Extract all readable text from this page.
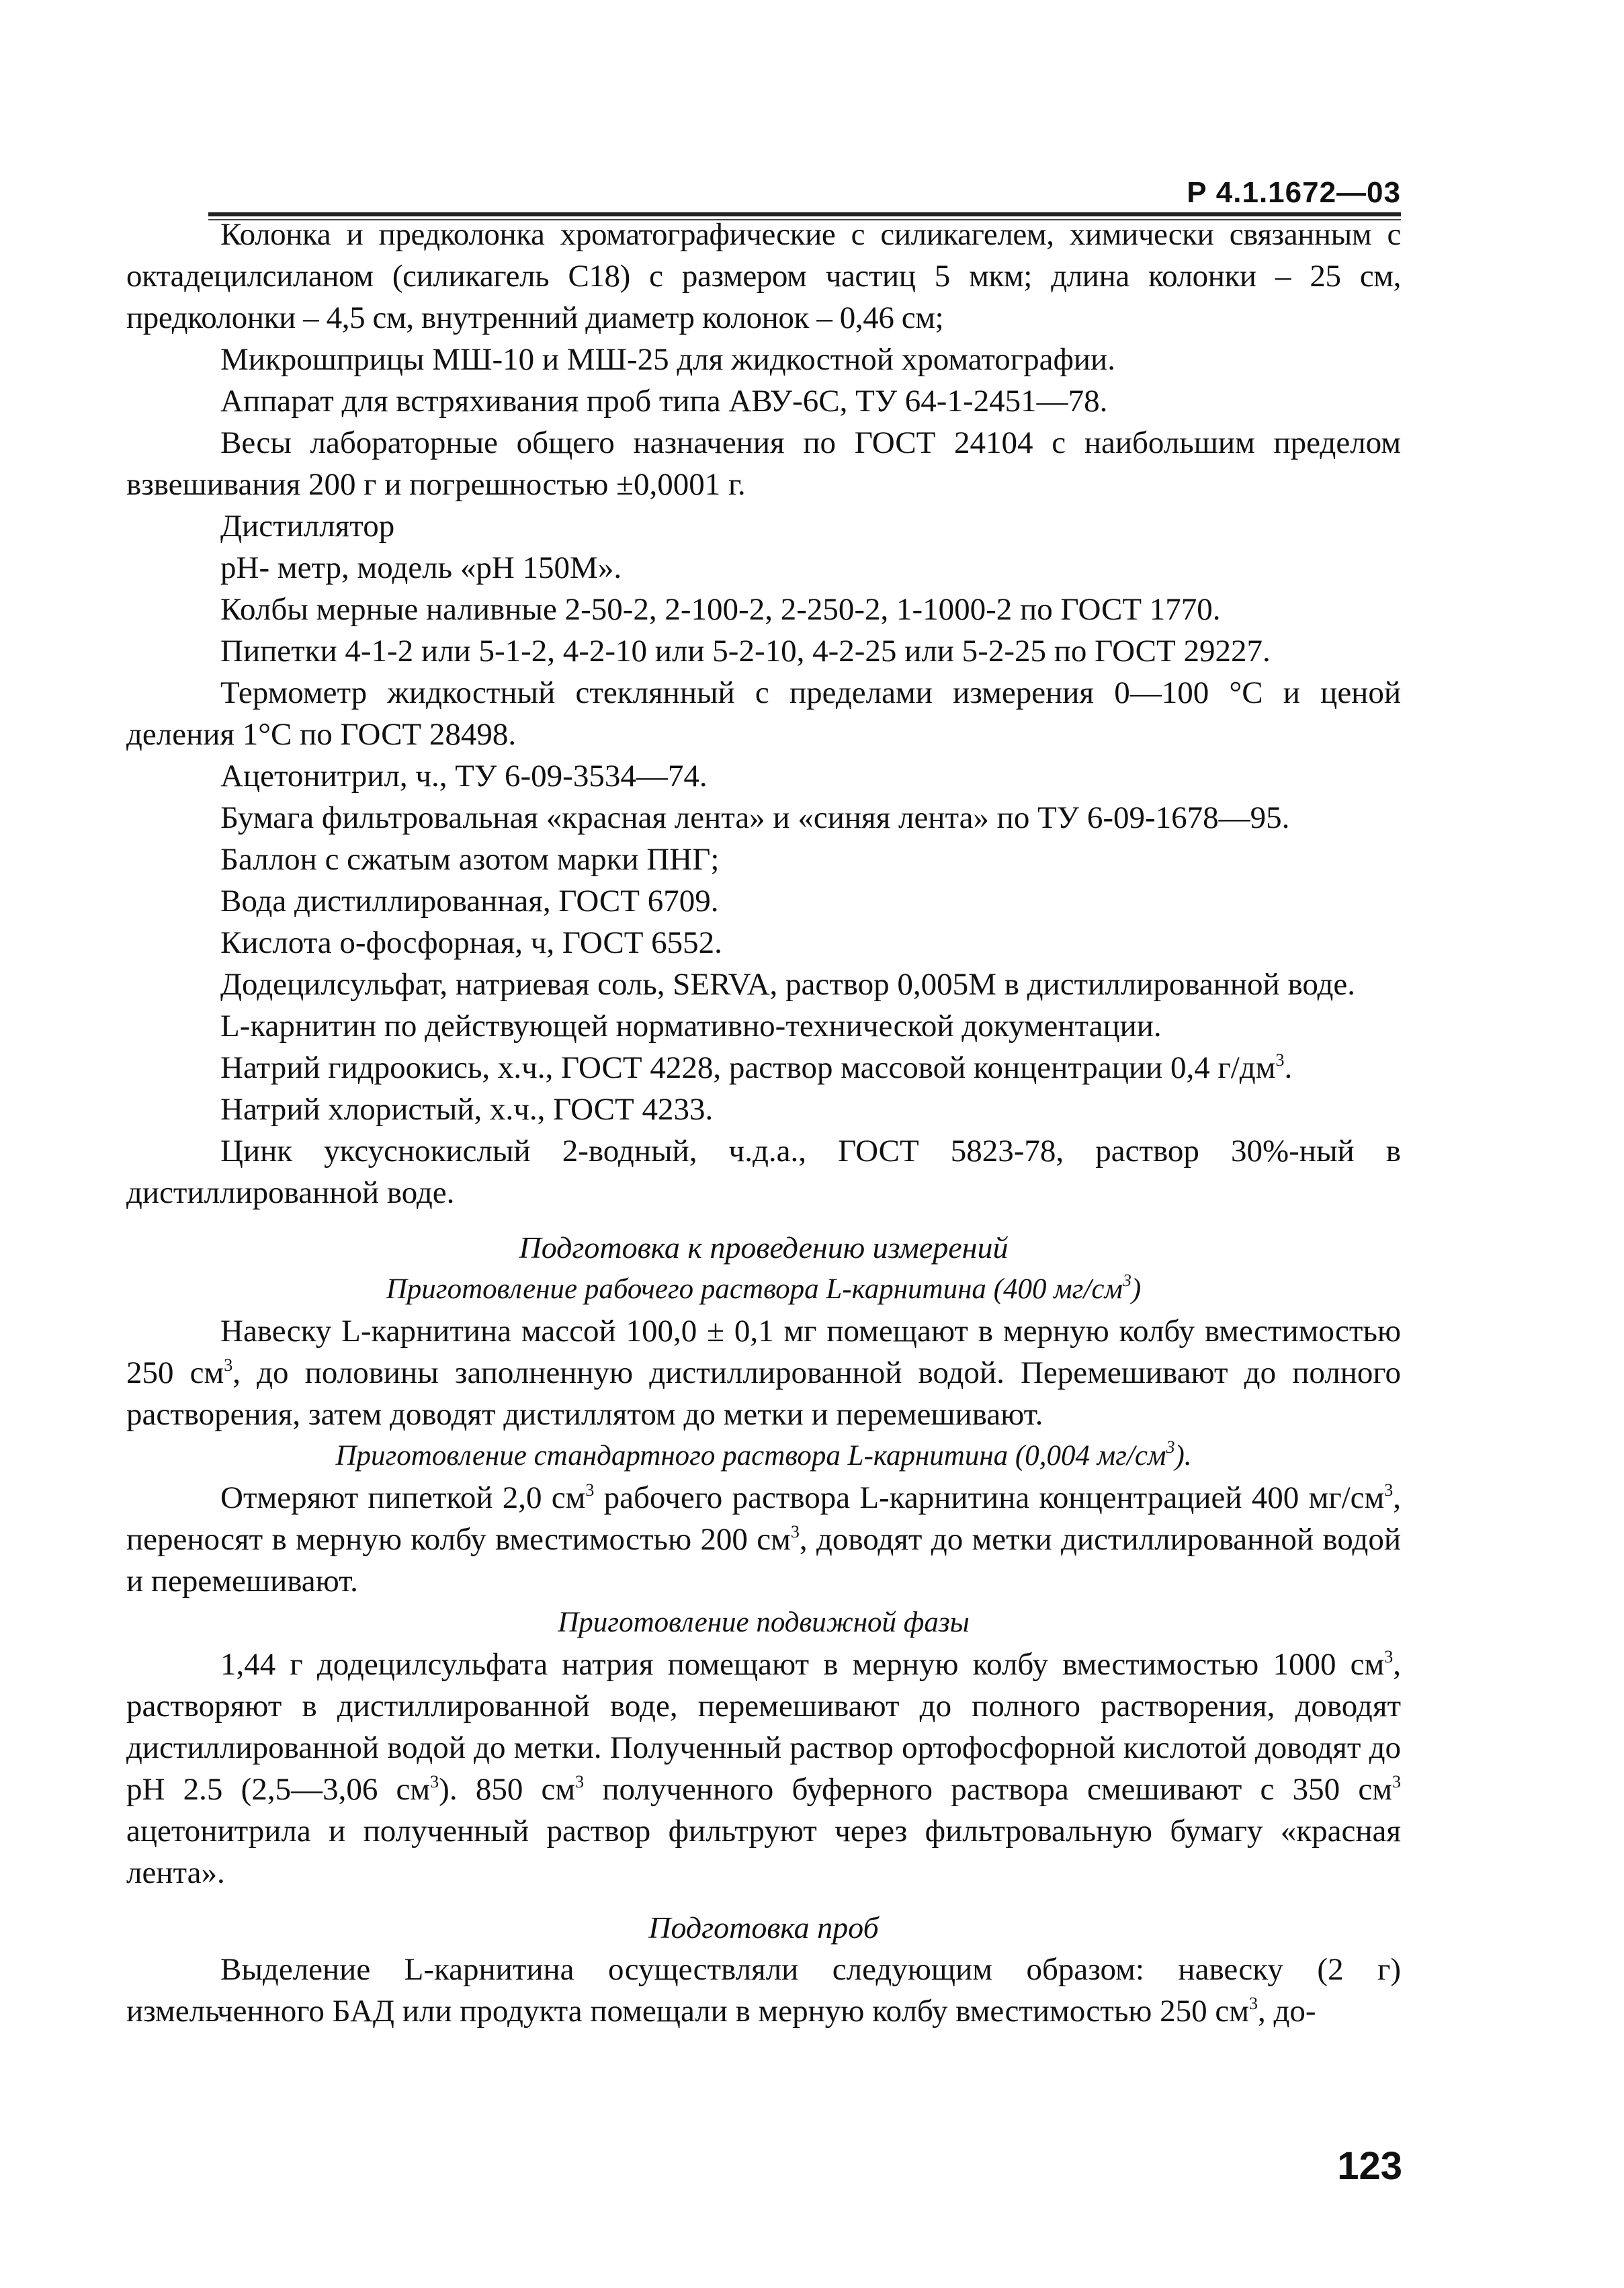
Р 4.1.1672—03

Колонка и предколонка хроматографические с силикагелем, химически связанным с октадецилсиланом (силикагель C18) с размером частиц 5 мкм; длина колонки – 25 см, предколонки – 4,5 см, внутренний диаметр колонок – 0,46 см;

Микрошприцы МШ-10 и МШ-25 для жидкостной хроматографии.

Аппарат для встряхивания проб типа АВУ-6С, ТУ 64-1-2451—78.

Весы лабораторные общего назначения по ГОСТ 24104 с наибольшим пределом взвешивания 200 г и погрешностью ±0,0001 г.

Дистиллятор

рН- метр, модель «рН 150М».

Колбы мерные наливные 2-50-2, 2-100-2, 2-250-2, 1-1000-2 по ГОСТ 1770.

Пипетки 4-1-2 или 5-1-2, 4-2-10 или 5-2-10, 4-2-25 или 5-2-25 по ГОСТ 29227.

Термометр жидкостный стеклянный с пределами измерения 0—100 °С и ценой деления 1°С по ГОСТ 28498.

Ацетонитрил, ч., ТУ 6-09-3534—74.

Бумага фильтровальная «красная лента» и «синяя лента» по ТУ 6-09-1678—95.

Баллон с сжатым азотом марки ПНГ;

Вода дистиллированная, ГОСТ 6709.

Кислота о-фосфорная, ч, ГОСТ 6552.

Додецилсульфат, натриевая соль, SERVA, раствор 0,005М в дистиллированной воде.

L-карнитин по действующей нормативно-технической документации.

Натрий гидроокись, х.ч., ГОСТ 4228, раствор массовой концентрации 0,4 $г/дм^3$.

Натрий хлористый, х.ч., ГОСТ 4233.

Цинк уксуснокислый 2-водный, ч.д.а., ГОСТ 5823-78, раствор 30%-ный в дистиллированной воде.

Подготовка к проведению измерений

Приготовление рабочего раствора L-карнитина (400 $мг/см^3$)

Навеску L-карнитина массой 100,0 ± 0,1 мг помещают в мерную колбу вместимостью 250 $см^3$, до половины заполненную дистиллированной водой. Перемешивают до полного растворения, затем доводят дистиллятом до метки и перемешивают.

Приготовление стандартного раствора L-карнитина (0,004 $мг/см^3$).

Отмеряют пипеткой 2,0 $см^3$ рабочего раствора L-карнитина концентрацией 400 $мг/см^3$, переносят в мерную колбу вместимостью 200 $см^3$, доводят до метки дистиллированной водой и перемешивают.

Приготовление подвижной фазы

1,44 г додецилсульфата натрия помещают в мерную колбу вместимостью 1000 $см^3$, растворяют в дистиллированной воде, перемешивают до полного растворения, доводят дистиллированной водой до метки. Полученный раствор ортофосфорной кислотой доводят до рН 2.5 (2,5—3,06 $см^3$). 850 $см^3$ полученного буферного раствора смешивают с 350 $см^3$ ацетонитрила и полученный раствор фильтруют через фильтровальную бумагу «красная лента».

Подготовка проб

Выделение L-карнитина осуществляли следующим образом: навеску (2 г) измельченного БАД или продукта помещали в мерную колбу вместимостью 250 $см^3$, до-

123
